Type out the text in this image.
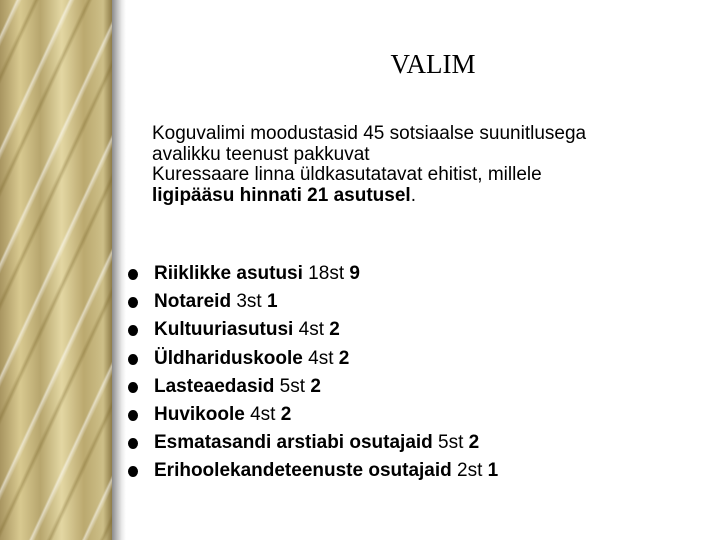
VALIM

Koguvalimi moodustasid 45 sotsiaalse suunitlusega

avalikku teenust pakkuvat

Kuressaare linna üldkasutatavat ehitist, millele

ligipääsu hinnati 21 asutusel.

Riiklikke asutusi 18st 9
Notareid 3st 1
Kultuuriasutusi 4st 2
Üldhariduskoole 4st 2
Lasteaedasid 5st 2
Huvikoole 4st 2
Esmatasandi arstiabi osutajaid 5st 2
Erihoolekandeteenuste osutajaid 2st 1
